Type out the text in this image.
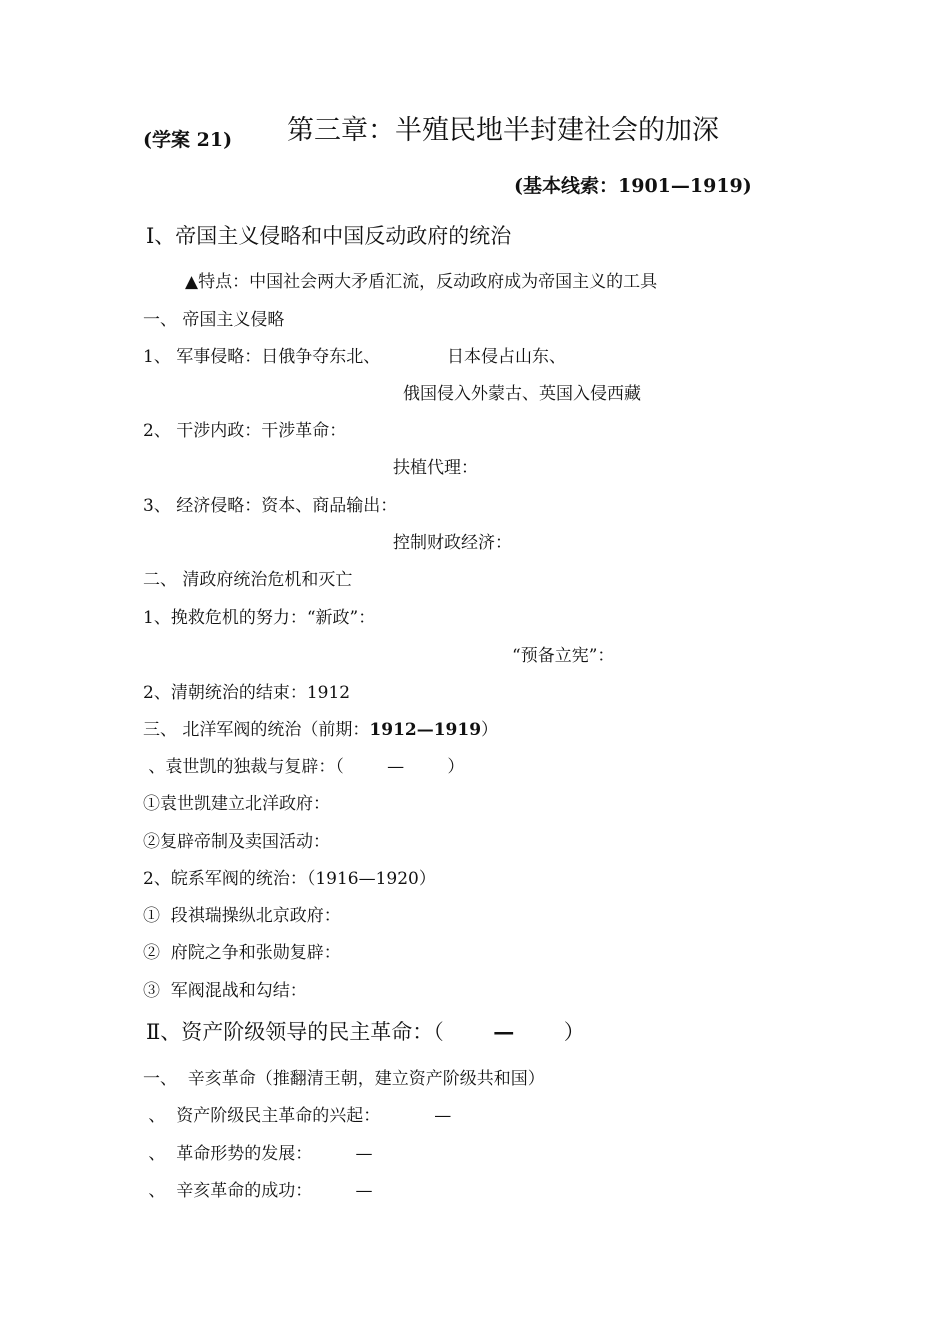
(学案 21) 第三章：半殖民地半封建社会的加深
(基本线索：1901—1919)
Ⅰ、帝国主义侵略和中国反动政府的统治
▲特点：中国社会两大矛盾汇流，反动政府成为帝国主义的工具
一、 帝国主义侵略
1、 军事侵略：日俄争夺东北、	日本侵占山东、
俄国侵入外蒙古、英国入侵西藏
2、 干涉内政：干涉革命：
扶植代理：
3、 经济侵略：资本、商品输出：
控制财政经济：
二、 清政府统治危机和灭亡
1、挽救危机的努力：“新政”：
“预备立宪”：
2、清朝统治的结束：1912
三、 北洋军阀的统治（前期：1912—1919）
、袁世凯的独裁与复辟：（        —        ）
①袁世凯建立北洋政府：
②复辟帝制及卖国活动：
2、皖系军阀的统治：（1916—1920）
①  段祺瑞操纵北京政府：
②  府院之争和张勋复辟：
③  军阀混战和勾结：
Ⅱ、资产阶级领导的民主革命：（ — ）
一、  辛亥革命（推翻清王朝，建立资产阶级共和国）
、  资产阶级民主革命的兴起：          —
、  革命形势的发展：        —
、  辛亥革命的成功：        —
